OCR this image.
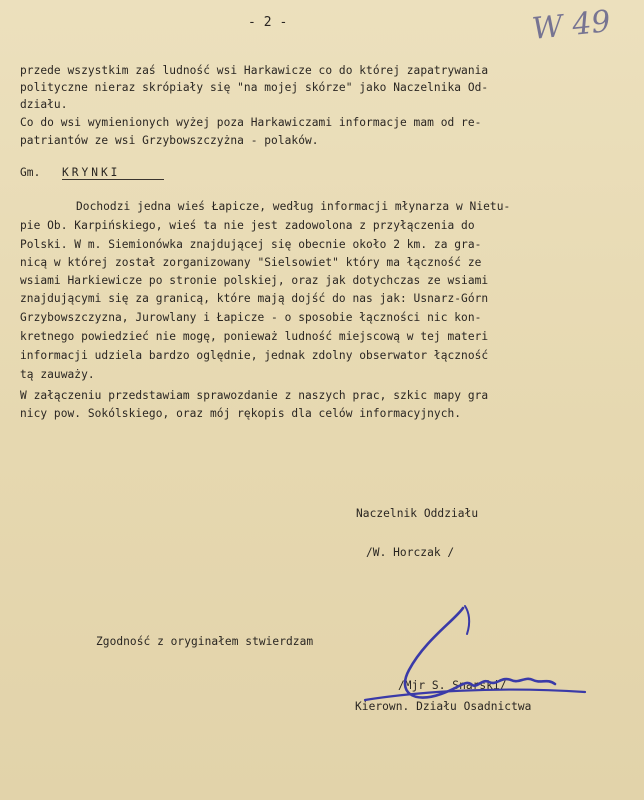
- 2 -	W 49
przede wszystkim zaś ludność wsi Harkawicze co do której zapatrywania
polityczne nieraz skrópiały się "na mojej skórze" jako Naczelnika Od-
działu.
Co do wsi wymienionych wyżej poza Harkawiczami informacje mam od re-
patriantów ze wsi Grzybowszczyżna - polaków.
Gm. KRYNKI
Dochodzi jedna wieś Łapicze, według informacji młynarza w Nietu-
pie Ob. Karpińskiego, wieś ta nie jest zadowolona z przyłączenia do
Polski. W m. Siemionówka znajdującej się obecnie około 2 km. za gra-
nicą w której został zorganizowany "Sielsowiet" który ma łączność ze
wsiami Harkiewicze po stronie polskiej, oraz jak dotychczas ze wsiami
znajdującymi się za granicą, które mają dojść do nas jak: Usnarz-Górn
Grzybowszczyzna, Jurowlany i Łapicze - o sposobie łączności nic kon-
kretnego powiedzieć nie mogę, ponieważ ludność miejscową w tej materi
informacji udziela bardzo oględnie, jednak zdolny obserwator łączność
tą zauważy.
W załączeniu przedstawiam sprawozdanie z naszych prac, szkic mapy gra
nicy pow. Sokólskiego, oraz mój rękopis dla celów informacyjnych.
Naczelnik Oddziału
/W. Horczak /
Zgodność z oryginałem stwierdzam
/Mjr S. Snarski/
Kierown. Działu Osadnictwa
